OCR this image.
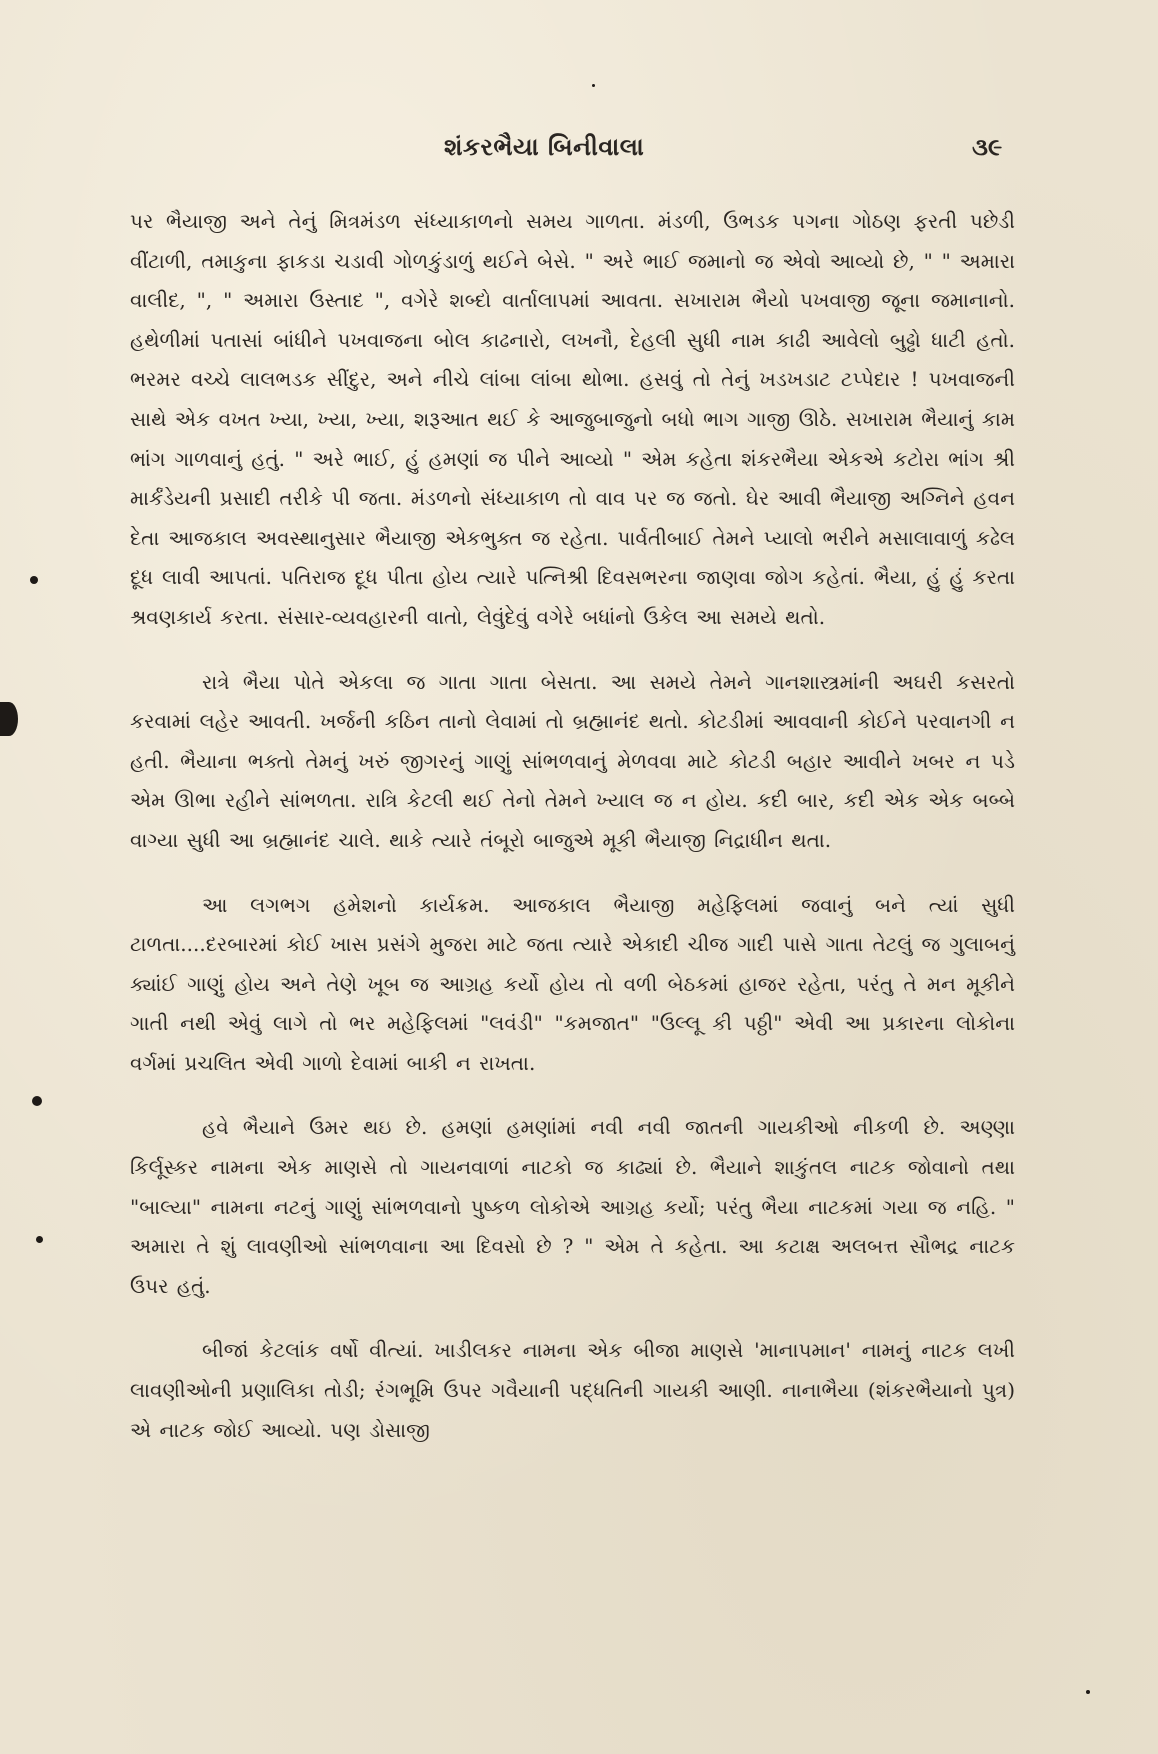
શંકરભૈયા બિનીવાલા	૩૯

પર ભૈયાજી અને તેનું મિત્રમંડળ સંધ્યાકાળનો સમય ગાળતા. મંડળી, ઉભડક પગના ગોઠણ ફરતી પછેડી વીંટાળી, તમાકુના ફાકડા ચડાવી ગોળકુંડાળું થઈને બેસે. " અરે ભાઈ જમાનો જ એવો આવ્યો છે, " " અમારા વાલીદ, ", " અમારા ઉસ્તાદ ", વગેરે શબ્દો વાર્તાલાપમાં આવતા. સખારામ ભૈયો પખવાજી જૂના જમાનાનો. હથેળીમાં પતાસાં બાંધીને પખવાજના બોલ કાઢનારો, લખનૌ, દેહલી સુધી નામ કાઢી આવેલો બુઢ્ઢો ધાટી હતો. ભરમર વચ્ચે લાલભડક સીંદુર, અને નીચે લાંબા લાંબા થોભા. હસવું તો તેનું ખડખડાટ ટપ્પેદાર ! પખવાજની સાથે એક વખત ખ્યા, ખ્યા, ખ્યા, શરૂઆત થઈ કે આજુબાજુનો બધો ભાગ ગાજી ઊઠે. સખારામ ભૈયાનું કામ ભાંગ ગાળવાનું હતું. " અરે ભાઈ, હું હમણાં જ પીને આવ્યો " એમ કહેતા શંકરભૈયા એકએ કટોરા ભાંગ શ્રી માર્કંડેયની પ્રસાદી તરીકે પી જતા. મંડળનો સંધ્યાકાળ તો વાવ પર જ જતો. ઘેર આવી ભૈયાજી અગ્નિને હવન દેતા આજકાલ અવસ્થાનુસાર ભૈયાજી એકભુક્ત જ રહેતા. પાર્વતીબાઈ તેમને પ્યાલો ભરીને મસાલાવાળું કઢેલ દૂધ લાવી આપતાં. પતિરાજ દૂધ પીતા હોય ત્યારે પત્નિશ્રી દિવસભરના જાણવા જોગ કહેતાં. ભૈયા, હું હું કરતા શ્રવણકાર્ય કરતા. સંસાર-વ્યવહારની વાતો, લેવુંદેવું વગેરે બધાંનો ઉકેલ આ સમયે થતો.

રાત્રે ભૈયા પોતે એકલા જ ગાતા ગાતા બેસતા. આ સમયે તેમને ગાનશાસ્ત્રમાંની અઘરી કસરતો કરવામાં લહેર આવતી. ખર્જની કઠિન તાનો લેવામાં તો બ્રહ્માનંદ થતો. કોટડીમાં આવવાની કોઈને પરવાનગી ન હતી. ભૈયાના ભક્તો તેમનું ખરું જીગરનું ગાણું સાંભળવાનું મેળવવા માટે કોટડી બહાર આવીને ખબર ન પડે એમ ઊભા રહીને સાંભળતા. રાત્રિ કેટલી થઈ તેનો તેમને ખ્યાલ જ ન હોય. કદી બાર, કદી એક એક બબ્બે વાગ્યા સુધી આ બ્રહ્માનંદ ચાલે. થાકે ત્યારે તંબૂરો બાજુએ મૂકી ભૈયાજી નિદ્રાધીન થતા.

આ લગભગ હમેશનો કાર્યક્રમ. આજકાલ ભૈયાજી મહેફિલમાં જવાનું બને ત્યાં સુધી ટાળતા....દરબારમાં કોઈ ખાસ પ્રસંગે મુજરા માટે જતા ત્યારે એકાદી ચીજ ગાદી પાસે ગાતા તેટલું જ ગુલાબનું ક્યાંઈ ગાણું હોય અને તેણે ખૂબ જ આગ્રહ કર્યો હોય તો વળી બેઠકમાં હાજર રહેતા, પરંતુ તે મન મૂકીને ગાતી નથી એવું લાગે તો ભર મહેફિલમાં "લવંડી" "કમજાત" "ઉલ્લૂ કી પઠ્ઠી" એવી આ પ્રકારના લોકોના વર્ગમાં પ્રચલિત એવી ગાળો દેવામાં બાકી ન રાખતા.

હવે ભૈયાને ઉમર થઇ છે. હમણાં હમણાંમાં નવી નવી જાતની ગાયકીઓ નીકળી છે. અણ્ણા કિર્લૂસ્કર નામના એક માણસે તો ગાયનવાળાં નાટકો જ કાઢ્યાં છે. ભૈયાને શાકુંતલ નાટક જોવાનો તથા "બાલ્યા" નામના નટનું ગાણું સાંભળવાનો પુષ્કળ લોકોએ આગ્રહ કર્યો; પરંતુ ભૈયા નાટકમાં ગયા જ નહિ. " અમારા તે શું લાવણીઓ સાંભળવાના આ દિવસો છે ? " એમ તે કહેતા. આ કટાક્ષ અલબત્ત સૌભદ્ર નાટક ઉપર હતું.

બીજાં કેટલાંક વર્ષો વીત્યાં. ખાડીલકર નામના એક બીજા માણસે 'માનાપમાન' નામનું નાટક લખી લાવણીઓની પ્રણાલિકા તોડી; રંગભૂમિ ઉપર ગવૈયાની પદ્ધતિની ગાયકી આણી. નાનાભૈયા (શંકરભૈયાનો પુત્ર) એ નાટક જોઈ આવ્યો. પણ ડોસાજી
